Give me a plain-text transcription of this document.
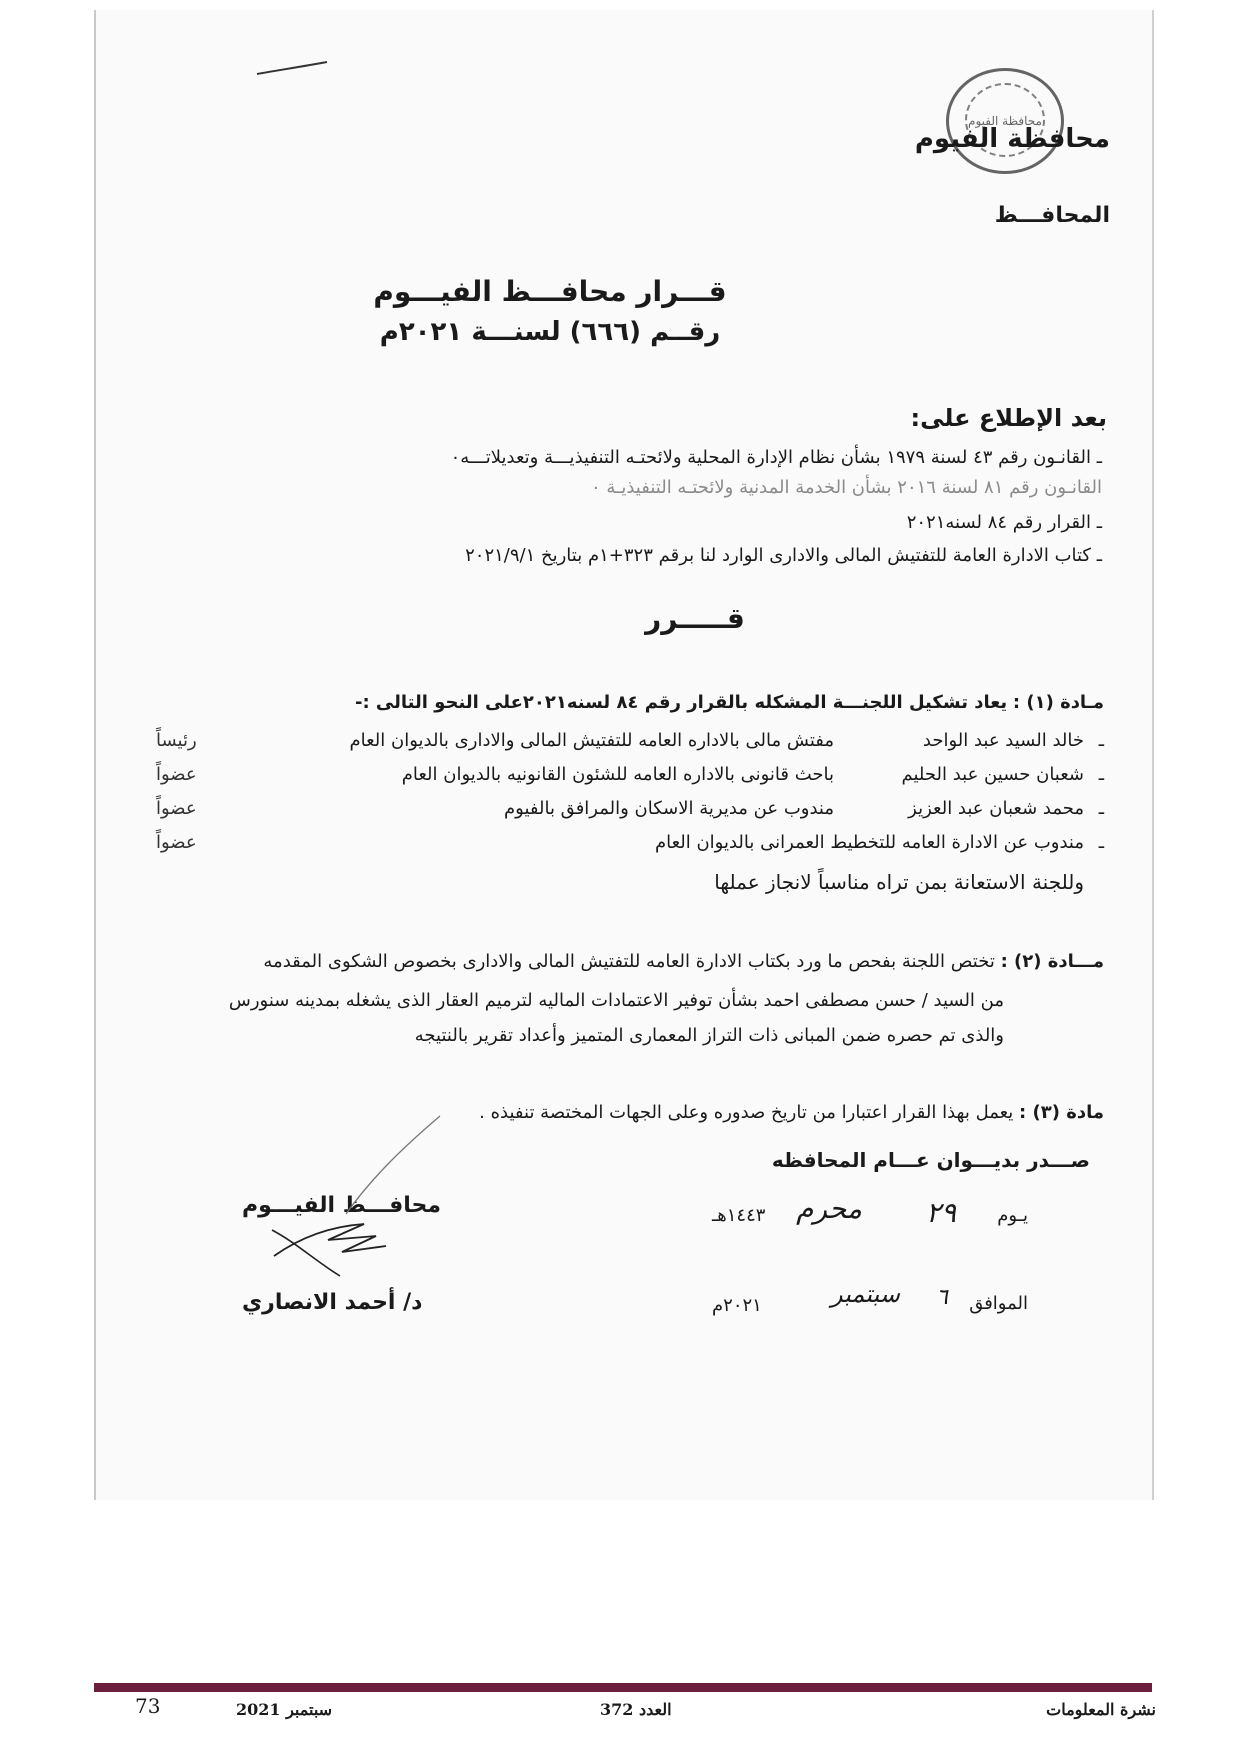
محافظة الفيوم
محافظة الفيوم
المحافـــظ
قـــرار محافـــظ الفيـــوم
رقــم (٦٦٦) لسنـــة ٢٠٢١م
بعد الإطلاع على:
ـ القانـون رقم ٤٣ لسنة ١٩٧٩ بشأن نظام الإدارة المحلية ولائحتـه التنفيذيـــة وتعديلاتـــه٠
القانـون رقم ٨١ لسنة ٢٠١٦ بشأن الخدمة المدنية ولائحتـه التنفيذيـة ٠
ـ القرار رقم ٨٤ لسنه٢٠٢١
ـ كتاب الادارة العامة للتفتيش المالى والادارى الوارد لنا برقم ٣٢٣+١م بتاريخ ٢٠٢١/٩/١
قـــــرر
مـادة (١) : يعاد تشكيل اللجنـــة المشكله بالقرار رقم ٨٤ لسنه٢٠٢١على النحو التالى :-
ـ
خالد السيد عبد الواحد
مفتش مالى بالاداره العامه للتفتيش المالى والادارى بالديوان العام
رئيساً
ـ
شعبان حسين عبد الحليم
باحث قانونى بالاداره العامه للشئون القانونيه بالديوان العام
عضواً
ـ
محمد شعبان عبد العزيز
مندوب عن مديرية الاسكان والمرافق بالفيوم
عضواً
ـ
مندوب عن الادارة العامه للتخطيط العمرانى بالديوان العام
عضواً
وللجنة الاستعانة بمن تراه مناسباً لانجاز عملها
مـــادة (٢) : تختص اللجنة بفحص ما ورد بكتاب الادارة العامه للتفتيش المالى والادارى بخصوص الشكوى المقدمه
من السيد / حسن مصطفى احمد بشأن توفير الاعتمادات الماليه لترميم العقار الذى يشغله بمدينه سنورس
والذى تم حصره ضمن المبانى ذات التراز المعمارى المتميز وأعداد تقرير بالنتيجه
مادة (٣) : يعمل بهذا القرار اعتبارا من تاريخ صدوره وعلى الجهات المختصة تنفيذه .
صـــدر بديـــوان عـــام المحافظه
يـوم
٢٩
محرم
١٤٤٣هـ
الموافق
٦
سبتمبر
٢٠٢١م
محافـــظ الفيـــوم
د/ أحمد الانصاري
نشرة المعلومات
العدد 372
سبتمبر 2021
73
